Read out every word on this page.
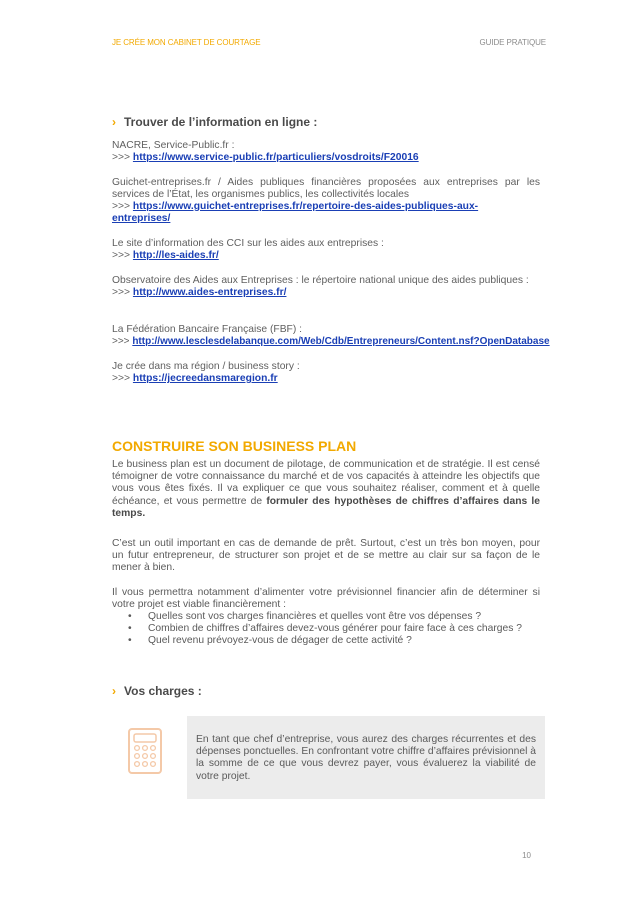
JE CRÉE MON CABINET DE COURTAGE	GUIDE PRATIQUE
› Trouver de l’information en ligne :
NACRE, Service-Public.fr :
>>> https://www.service-public.fr/particuliers/vosdroits/F20016
Guichet-entreprises.fr / Aides publiques financières proposées aux entreprises par les services de l’État, les organismes publics, les collectivités locales
>>> https://www.guichet-entreprises.fr/repertoire-des-aides-publiques-aux-
entreprises/
Le site d’information des CCI sur les aides aux entreprises :
>>> http://les-aides.fr/
Observatoire des Aides aux Entreprises : le répertoire national unique des aides publiques :
>>> http://www.aides-entreprises.fr/
La Fédération Bancaire Française (FBF) :
>>> http://www.lesclesdelabanque.com/Web/Cdb/Entrepreneurs/Content.nsf?OpenDatabase
Je crée dans ma région / business story :
>>> https://jecreedansmaregion.fr
CONSTRUIRE SON BUSINESS PLAN
Le business plan est un document de pilotage, de communication et de stratégie. Il est censé témoigner de votre connaissance du marché et de vos capacités à atteindre les objectifs que vous vous êtes fixés. Il va expliquer ce que vous souhaitez réaliser, comment et à quelle échéance, et vous permettre de formuler des hypothèses de chiffres d’affaires dans le temps.
C’est un outil important en cas de demande de prêt. Surtout, c’est un très bon moyen, pour un futur entrepreneur, de structurer son projet et de se mettre au clair sur sa façon de le mener à bien.
Il vous permettra notamment d’alimenter votre prévisionnel financier afin de déterminer si votre projet est viable financièrement :
•	Quelles sont vos charges financières et quelles vont être vos dépenses ?
•	Combien de chiffres d’affaires devez-vous générer pour faire face à ces charges ?
•	Quel revenu prévoyez-vous de dégager de cette activité ?
› Vos charges :
En tant que chef d’entreprise, vous aurez des charges récurrentes et des dépenses ponctuelles. En confrontant votre chiffre d’affaires prévisionnel à la somme de ce que vous devrez payer, vous évaluerez la viabilité de votre projet.
10
